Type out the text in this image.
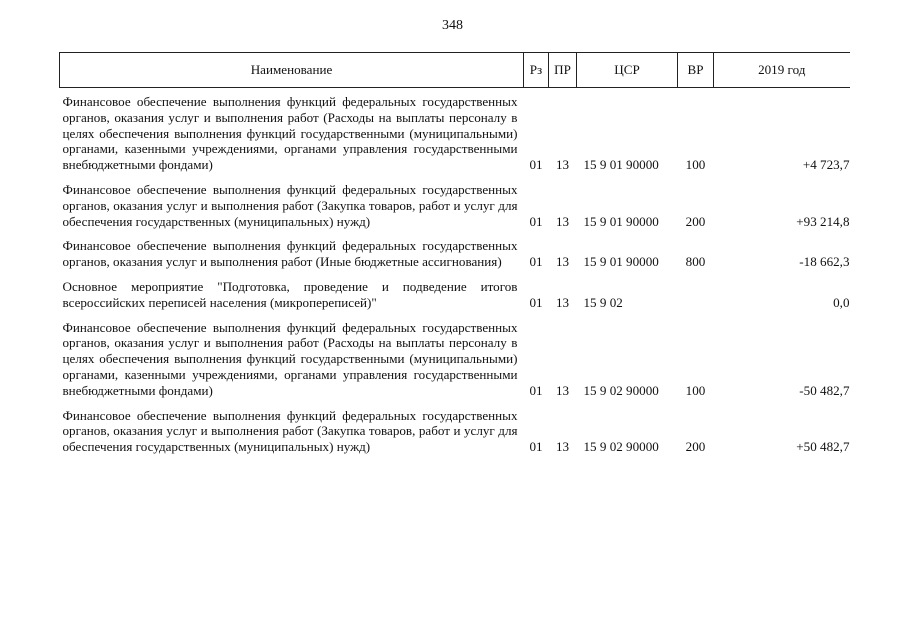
348
Наименование	Рз	ПР	ЦСР	ВР	2019 год
Финансовое обеспечение выполнения функций федеральных государственных органов, оказания услуг и выполнения работ (Расходы на выплаты персоналу в целях обеспечения выполнения функций государственными (муниципальными) органами, казенными учреждениями, органами управления государственными внебюджетными фондами)	01	13	15 9 01 90000	100	+4 723,7
Финансовое обеспечение выполнения функций федеральных государственных органов, оказания услуг и выполнения работ (Закупка товаров, работ и услуг для обеспечения государственных (муниципальных) нужд)	01	13	15 9 01 90000	200	+93 214,8
Финансовое обеспечение выполнения функций федеральных государственных органов, оказания услуг и выполнения работ (Иные бюджетные ассигнования)	01	13	15 9 01 90000	800	-18 662,3
Основное мероприятие "Подготовка, проведение и подведение итогов всероссийских переписей населения (микропереписей)"	01	13	15 9 02		0,0
Финансовое обеспечение выполнения функций федеральных государственных органов, оказания услуг и выполнения работ (Расходы на выплаты персоналу в целях обеспечения выполнения функций государственными (муниципальными) органами, казенными учреждениями, органами управления государственными внебюджетными фондами)	01	13	15 9 02 90000	100	-50 482,7
Финансовое обеспечение выполнения функций федеральных государственных органов, оказания услуг и выполнения работ (Закупка товаров, работ и услуг для обеспечения государственных (муниципальных) нужд)	01	13	15 9 02 90000	200	+50 482,7
